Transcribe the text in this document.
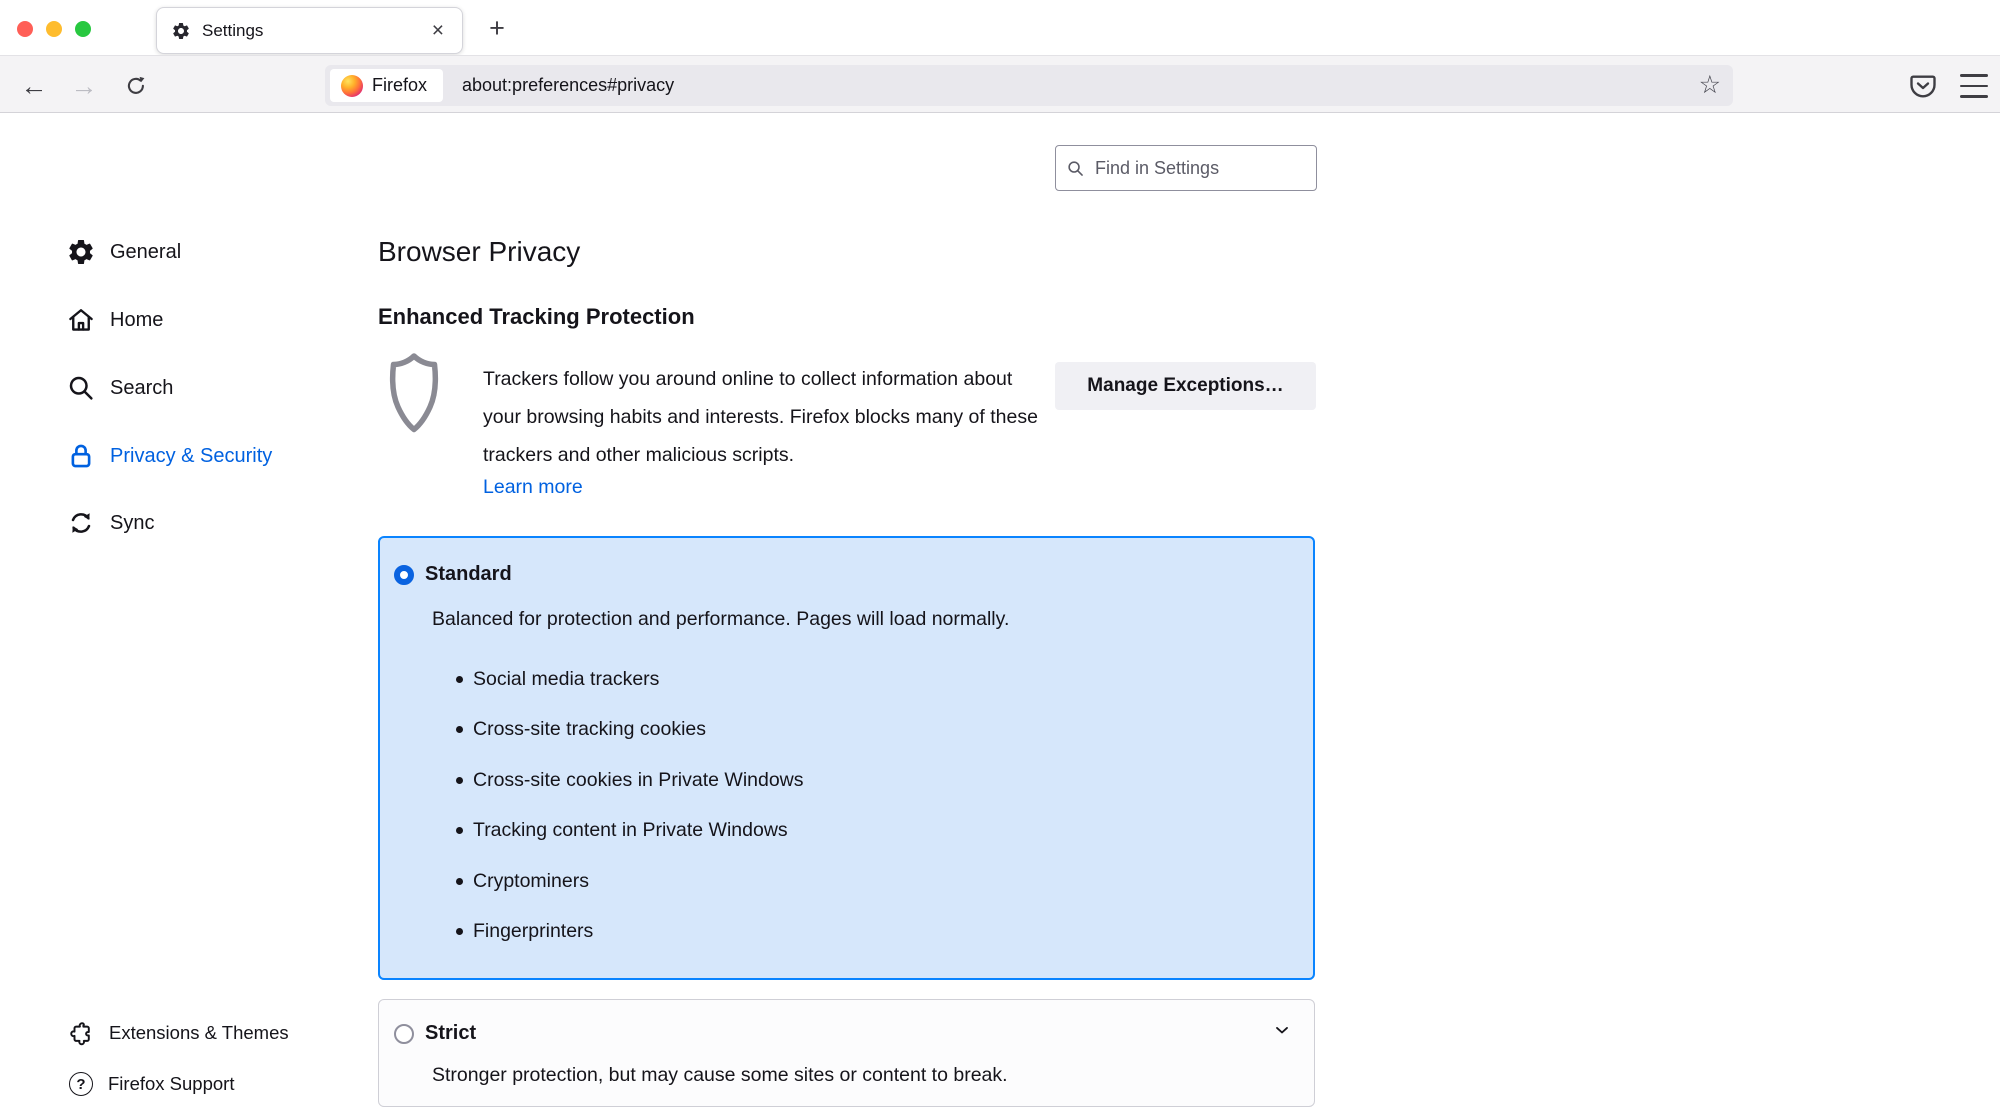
Settings	×	+
← →	Firefox about:preferences#privacy	☆
Find in Settings
General
Home
Search
Privacy & Security
Sync
Extensions & Themes
?	Firefox Support
Browser Privacy
Enhanced Tracking Protection

Trackers follow you around online to collect information about your browsing habits and interests. Firefox blocks many of these trackers and other malicious scripts.

Learn more
Manage Exceptions…
Standard
Balanced for protection and performance. Pages will load normally.
Social media trackers
Cross-site tracking cookies
Cross-site cookies in Private Windows
Tracking content in Private Windows
Cryptominers
Fingerprinters
Strict
Stronger protection, but may cause some sites or content to break.
